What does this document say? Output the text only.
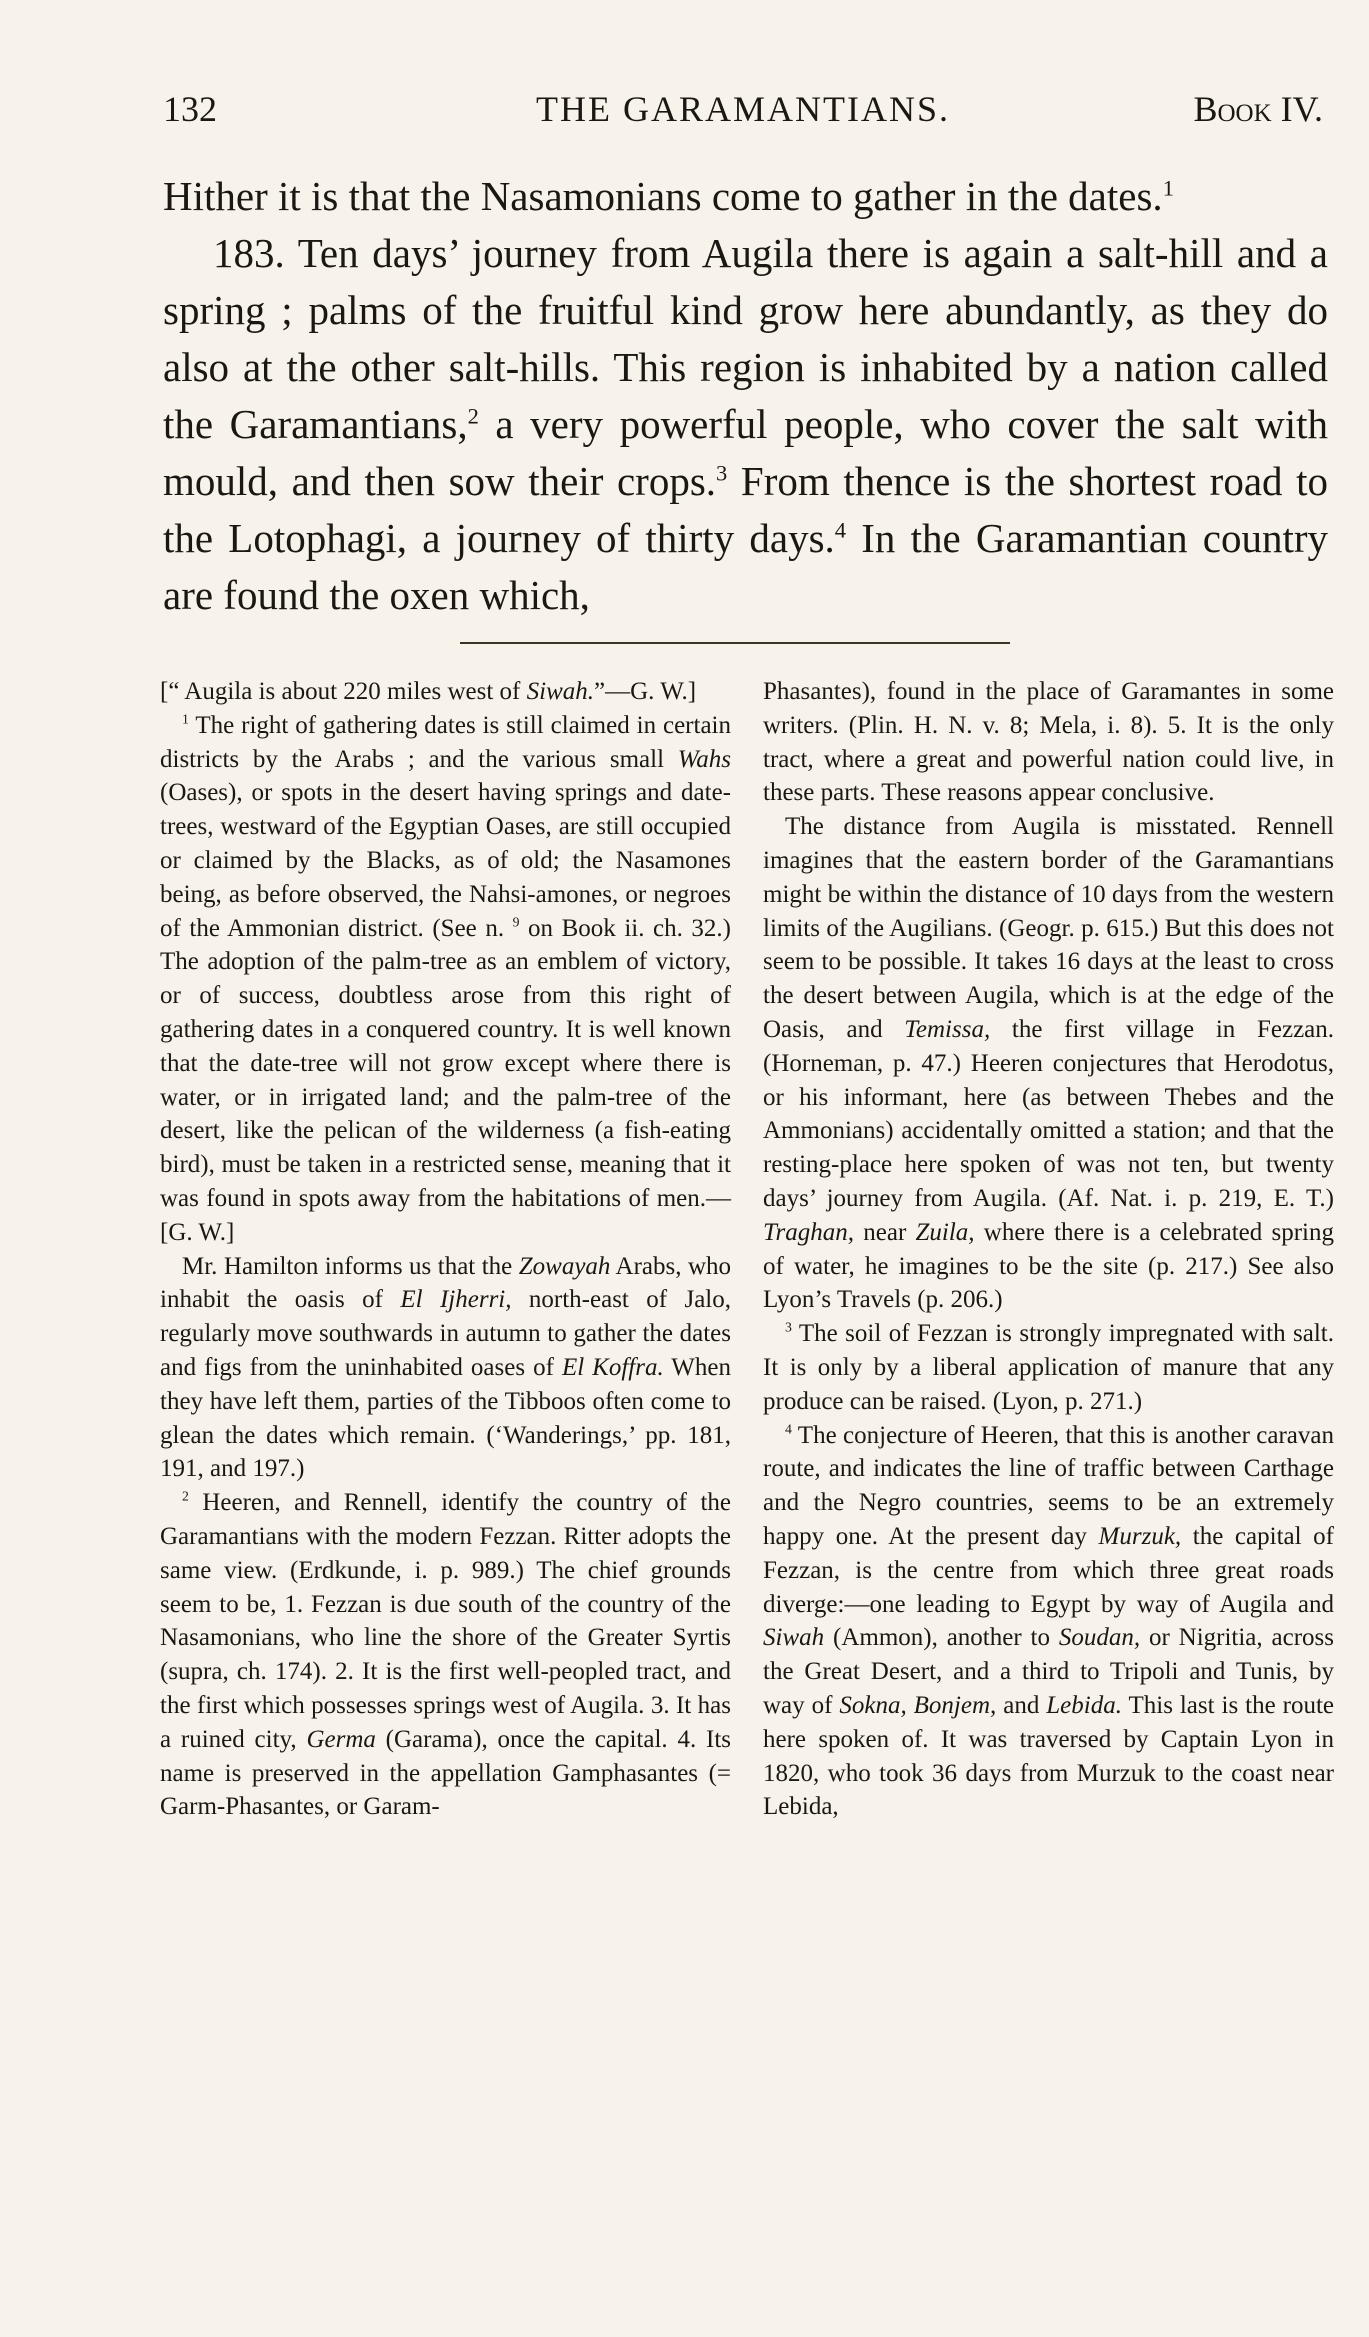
132	THE GARAMANTIANS.	Book IV.

Hither it is that the Nasamonians come to gather in the dates.$^1$

183. Ten days’ journey from Augila there is again a salt-hill and a spring ; palms of the fruitful kind grow here abundantly, as they do also at the other salt-hills. This region is inhabited by a nation called the Garamantians,$^2$ a very powerful people, who cover the salt with mould, and then sow their crops.$^3$ From thence is the shortest road to the Lotophagi, a journey of thirty days.$^4$ In the Garamantian country are found the oxen which,

[“ Augila is about 220 miles west of Siwah.”—G. W.]

$^1$ The right of gathering dates is still claimed in certain districts by the Arabs ; and the various small Wahs (Oases), or spots in the desert having springs and date-trees, westward of the Egyptian Oases, are still occupied or claimed by the Blacks, as of old; the Nasamones being, as before observed, the Nahsi-amones, or negroes of the Ammonian district. (See n. $^9$ on Book ii. ch. 32.) The adoption of the palm-tree as an emblem of victory, or of success, doubtless arose from this right of gathering dates in a conquered country. It is well known that the date-tree will not grow except where there is water, or in irrigated land; and the palm-tree of the desert, like the pelican of the wilderness (a fish-eating bird), must be taken in a restricted sense, meaning that it was found in spots away from the habitations of men.—[G. W.]

Mr. Hamilton informs us that the Zowayah Arabs, who inhabit the oasis of El Ijherri, north-east of Jalo, regularly move southwards in autumn to gather the dates and figs from the uninhabited oases of El Koffra. When they have left them, parties of the Tibboos often come to glean the dates which remain. (‘Wanderings,’ pp. 181, 191, and 197.)

$^2$ Heeren, and Rennell, identify the country of the Garamantians with the modern Fezzan. Ritter adopts the same view. (Erdkunde, i. p. 989.) The chief grounds seem to be, 1. Fezzan is due south of the country of the Nasamonians, who line the shore of the Greater Syrtis (supra, ch. 174). 2. It is the first well-peopled tract, and the first which possesses springs west of Augila. 3. It has a ruined city, Germa (Garama), once the capital. 4. Its name is preserved in the appellation Gamphasantes (= Garm-Phasantes, or Garam-

Phasantes), found in the place of Garamantes in some writers. (Plin. H. N. v. 8; Mela, i. 8). 5. It is the only tract, where a great and powerful nation could live, in these parts. These reasons appear conclusive.

The distance from Augila is misstated. Rennell imagines that the eastern border of the Garamantians might be within the distance of 10 days from the western limits of the Augilians. (Geogr. p. 615.) But this does not seem to be possible. It takes 16 days at the least to cross the desert between Augila, which is at the edge of the Oasis, and Temissa, the first village in Fezzan. (Horneman, p. 47.) Heeren conjectures that Herodotus, or his informant, here (as between Thebes and the Ammonians) accidentally omitted a station; and that the resting-place here spoken of was not ten, but twenty days’ journey from Augila. (Af. Nat. i. p. 219, E. T.) Traghan, near Zuila, where there is a celebrated spring of water, he imagines to be the site (p. 217.) See also Lyon’s Travels (p. 206.)

$^3$ The soil of Fezzan is strongly impregnated with salt. It is only by a liberal application of manure that any produce can be raised. (Lyon, p. 271.)

$^4$ The conjecture of Heeren, that this is another caravan route, and indicates the line of traffic between Carthage and the Negro countries, seems to be an extremely happy one. At the present day Murzuk, the capital of Fezzan, is the centre from which three great roads diverge:—one leading to Egypt by way of Augila and Siwah (Ammon), another to Soudan, or Nigritia, across the Great Desert, and a third to Tripoli and Tunis, by way of Sokna, Bonjem, and Lebida. This last is the route here spoken of. It was traversed by Captain Lyon in 1820, who took 36 days from Murzuk to the coast near Lebida,
